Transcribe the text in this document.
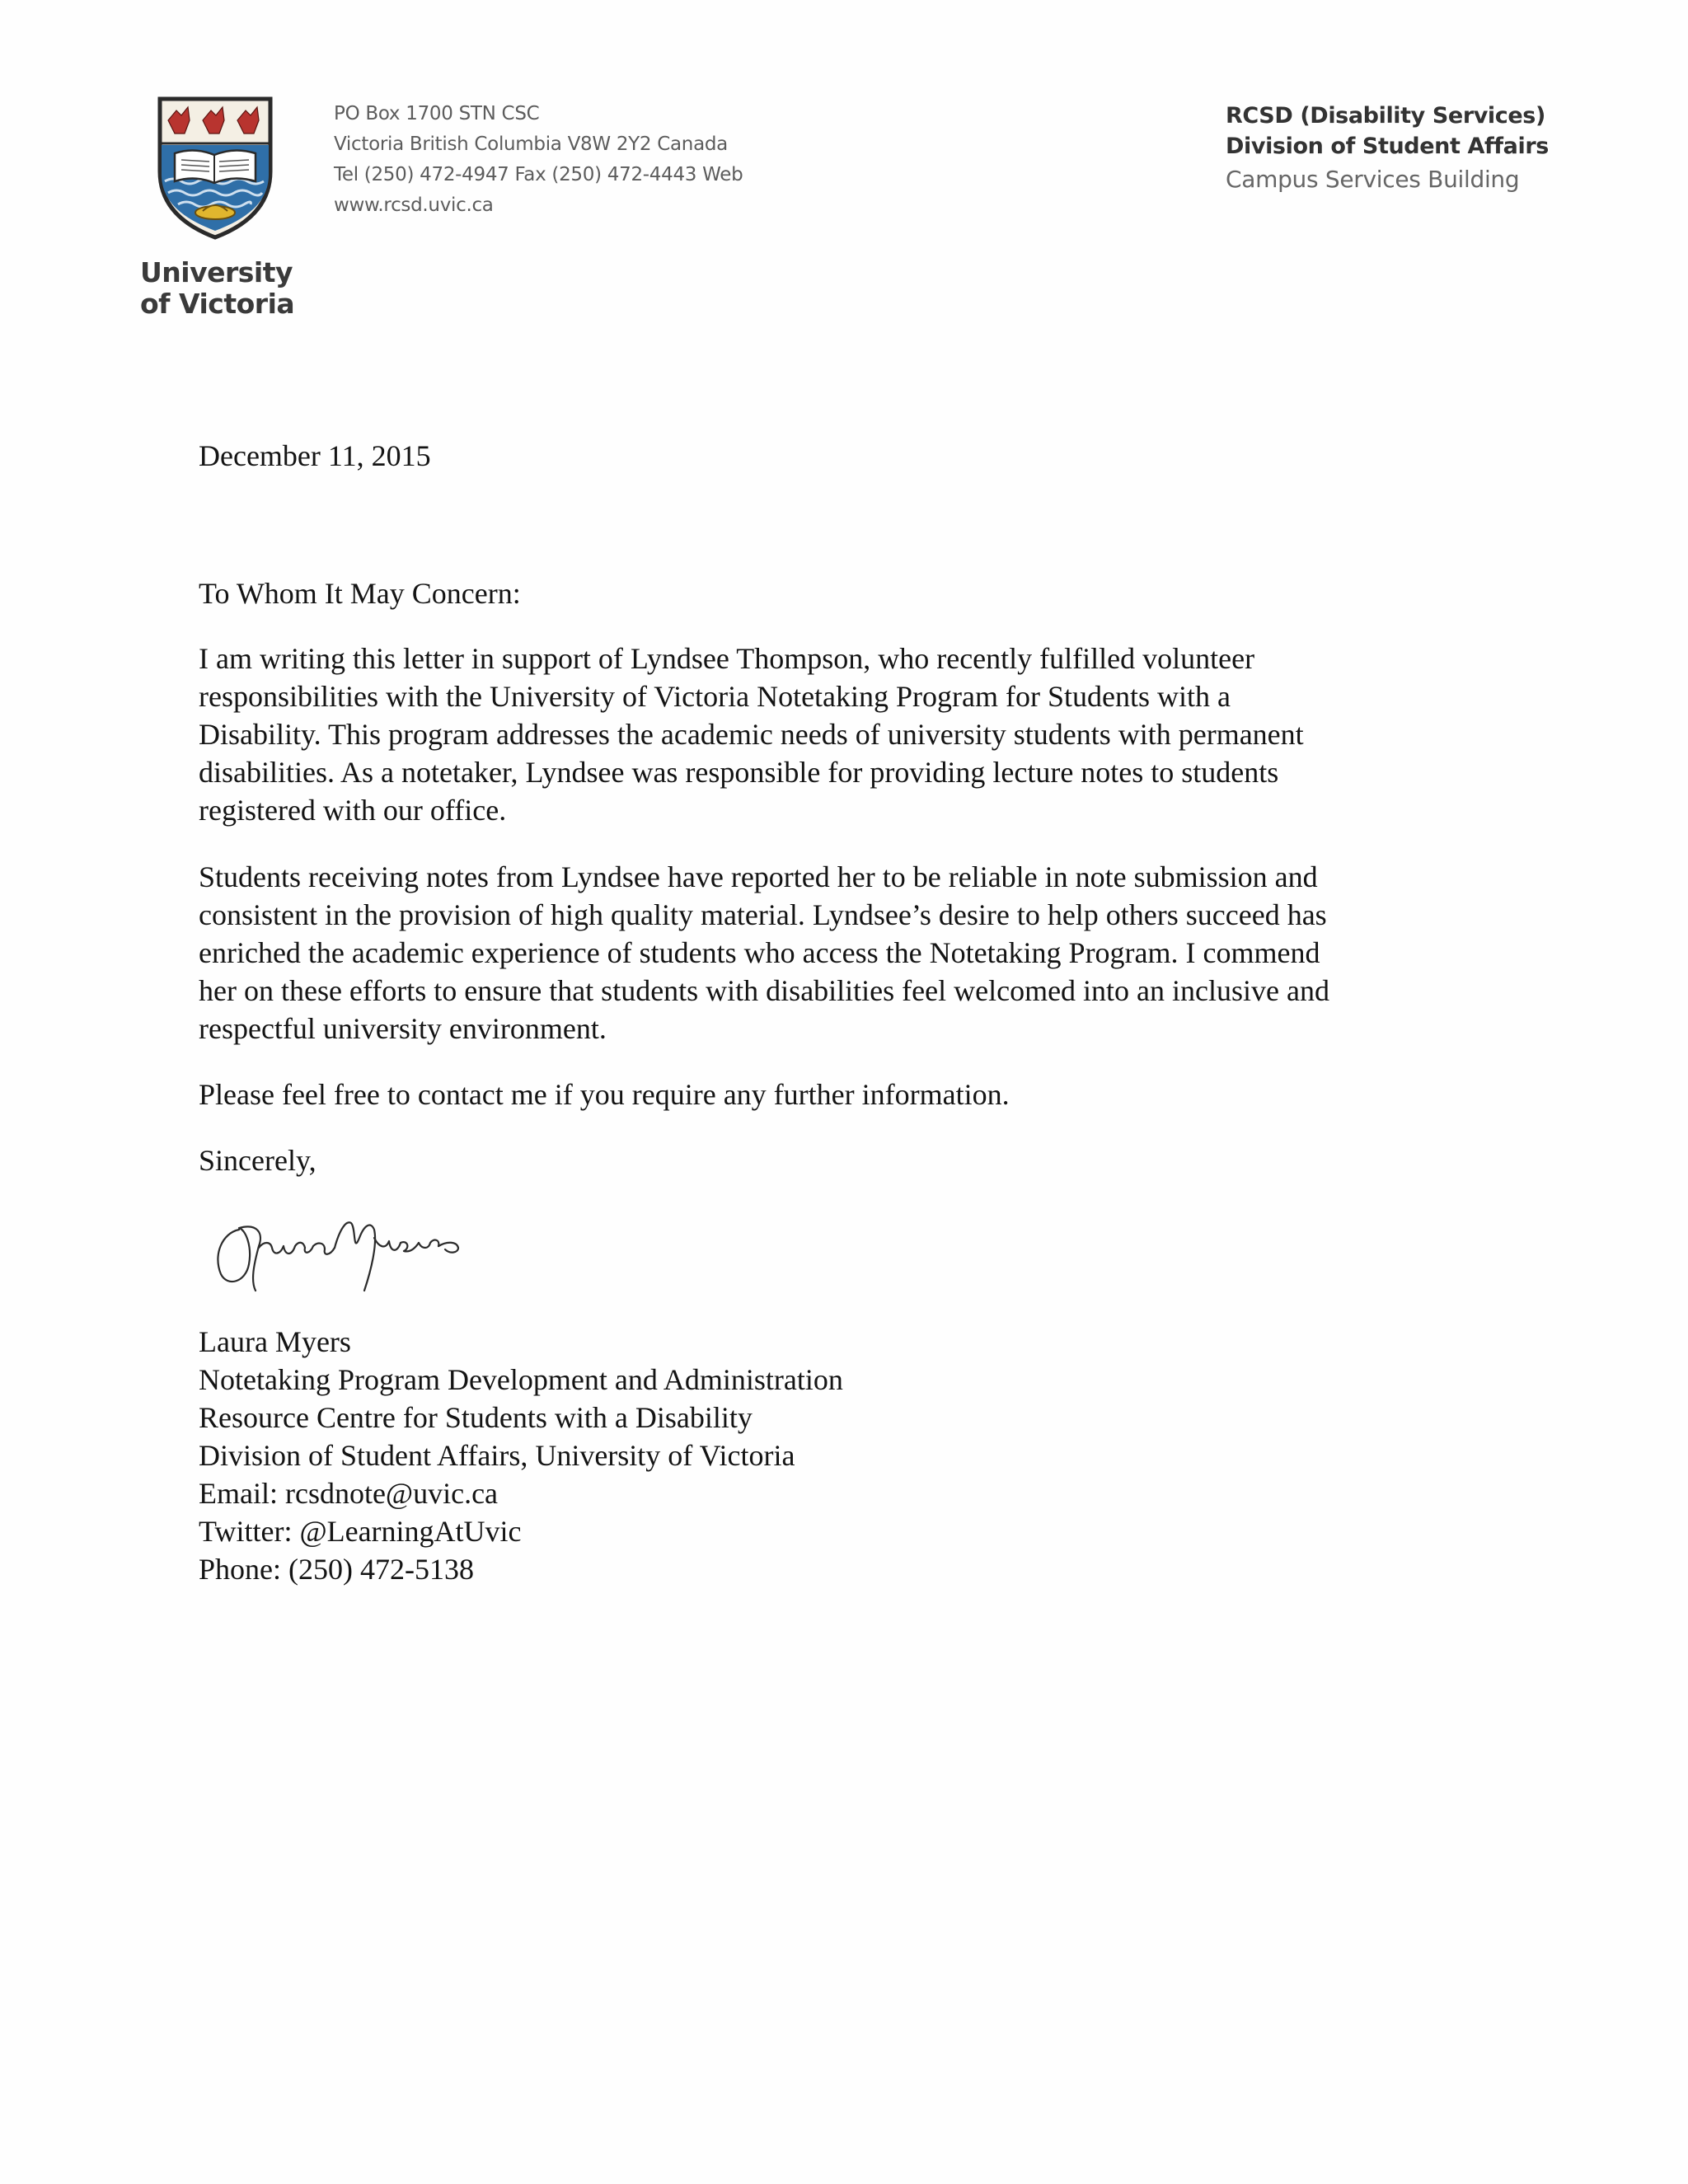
University
of Victoria
PO Box 1700 STN CSC
Victoria British Columbia V8W 2Y2 Canada
Tel (250) 472-4947 Fax (250) 472-4443 Web
www.rcsd.uvic.ca
RCSD (Disability Services)
Division of Student Affairs
Campus Services Building
December 11, 2015
To Whom It May Concern:
I am writing this letter in support of Lyndsee Thompson, who recently fulfilled volunteer
responsibilities with the University of Victoria Notetaking Program for Students with a
Disability. This program addresses the academic needs of university students with permanent
disabilities. As a notetaker, Lyndsee was responsible for providing lecture notes to students
registered with our office.
Students receiving notes from Lyndsee have reported her to be reliable in note submission and
consistent in the provision of high quality material. Lyndsee’s desire to help others succeed has
enriched the academic experience of students who access the Notetaking Program. I commend
her on these efforts to ensure that students with disabilities feel welcomed into an inclusive and
respectful university environment.
Please feel free to contact me if you require any further information.
Sincerely,
Laura Myers
Notetaking Program Development and Administration
Resource Centre for Students with a Disability
Division of Student Affairs, University of Victoria
Email: rcsdnote@uvic.ca
Twitter: @LearningAtUvic
Phone: (250) 472-5138
